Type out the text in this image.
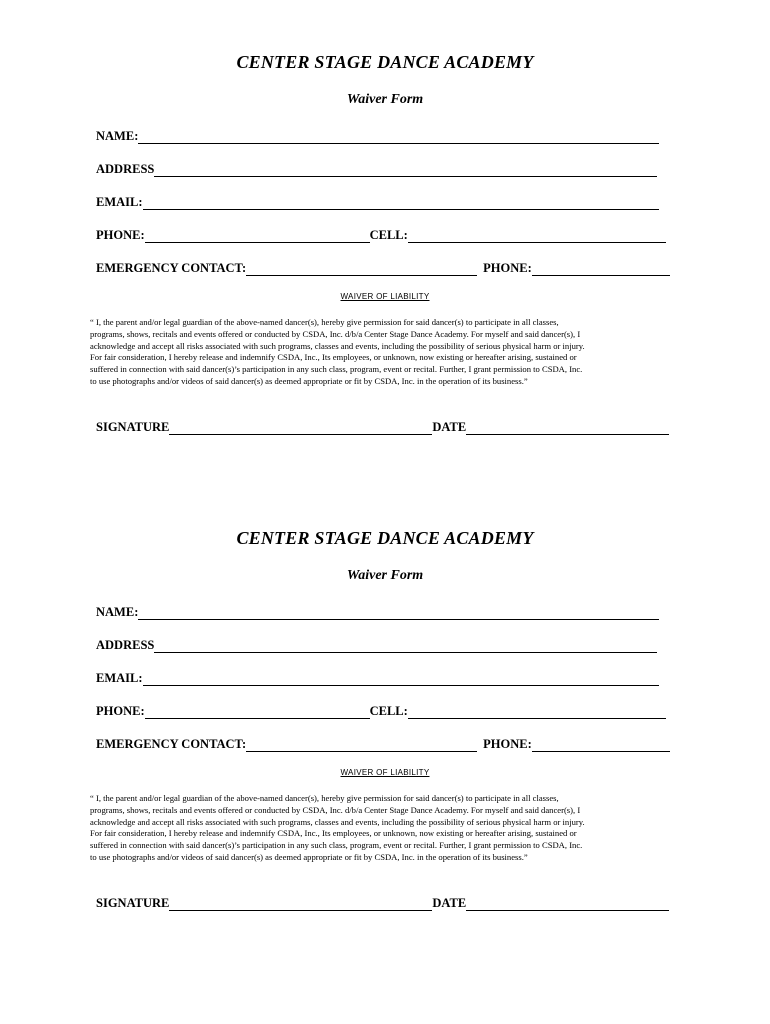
CENTER STAGE DANCE ACADEMY
Waiver Form
NAME:
ADDRESS
EMAIL:
PHONE:	CELL:
EMERGENCY CONTACT:	PHONE:
WAIVER OF LIABILITY
“ I, the parent and/or legal guardian of the above-named dancer(s), hereby give permission for said dancer(s) to participate in all classes,
programs, shows, recitals and events offered or conducted by CSDA, Inc. d/b/a Center Stage Dance Academy. For myself and said dancer(s), I
acknowledge and accept all risks associated with such programs, classes and events, including the possibility of serious physical harm or injury.
For fair consideration, I hereby release and indemnify CSDA, Inc., Its employees, or unknown, now existing or hereafter arising, sustained or
suffered in connection with said dancer(s)’s participation in any such class, program, event or recital. Further, I grant permission to CSDA, Inc.
to use photographs and/or videos of said dancer(s) as deemed appropriate or fit by CSDA, Inc. in the operation of its business.”
SIGNATURE	DATE
CENTER STAGE DANCE ACADEMY
Waiver Form
NAME:
ADDRESS
EMAIL:
PHONE:	CELL:
EMERGENCY CONTACT:	PHONE:
WAIVER OF LIABILITY
“ I, the parent and/or legal guardian of the above-named dancer(s), hereby give permission for said dancer(s) to participate in all classes,
programs, shows, recitals and events offered or conducted by CSDA, Inc. d/b/a Center Stage Dance Academy. For myself and said dancer(s), I
acknowledge and accept all risks associated with such programs, classes and events, including the possibility of serious physical harm or injury.
For fair consideration, I hereby release and indemnify CSDA, Inc., Its employees, or unknown, now existing or hereafter arising, sustained or
suffered in connection with said dancer(s)’s participation in any such class, program, event or recital. Further, I grant permission to CSDA, Inc.
to use photographs and/or videos of said dancer(s) as deemed appropriate or fit by CSDA, Inc. in the operation of its business.”
SIGNATURE	DATE
